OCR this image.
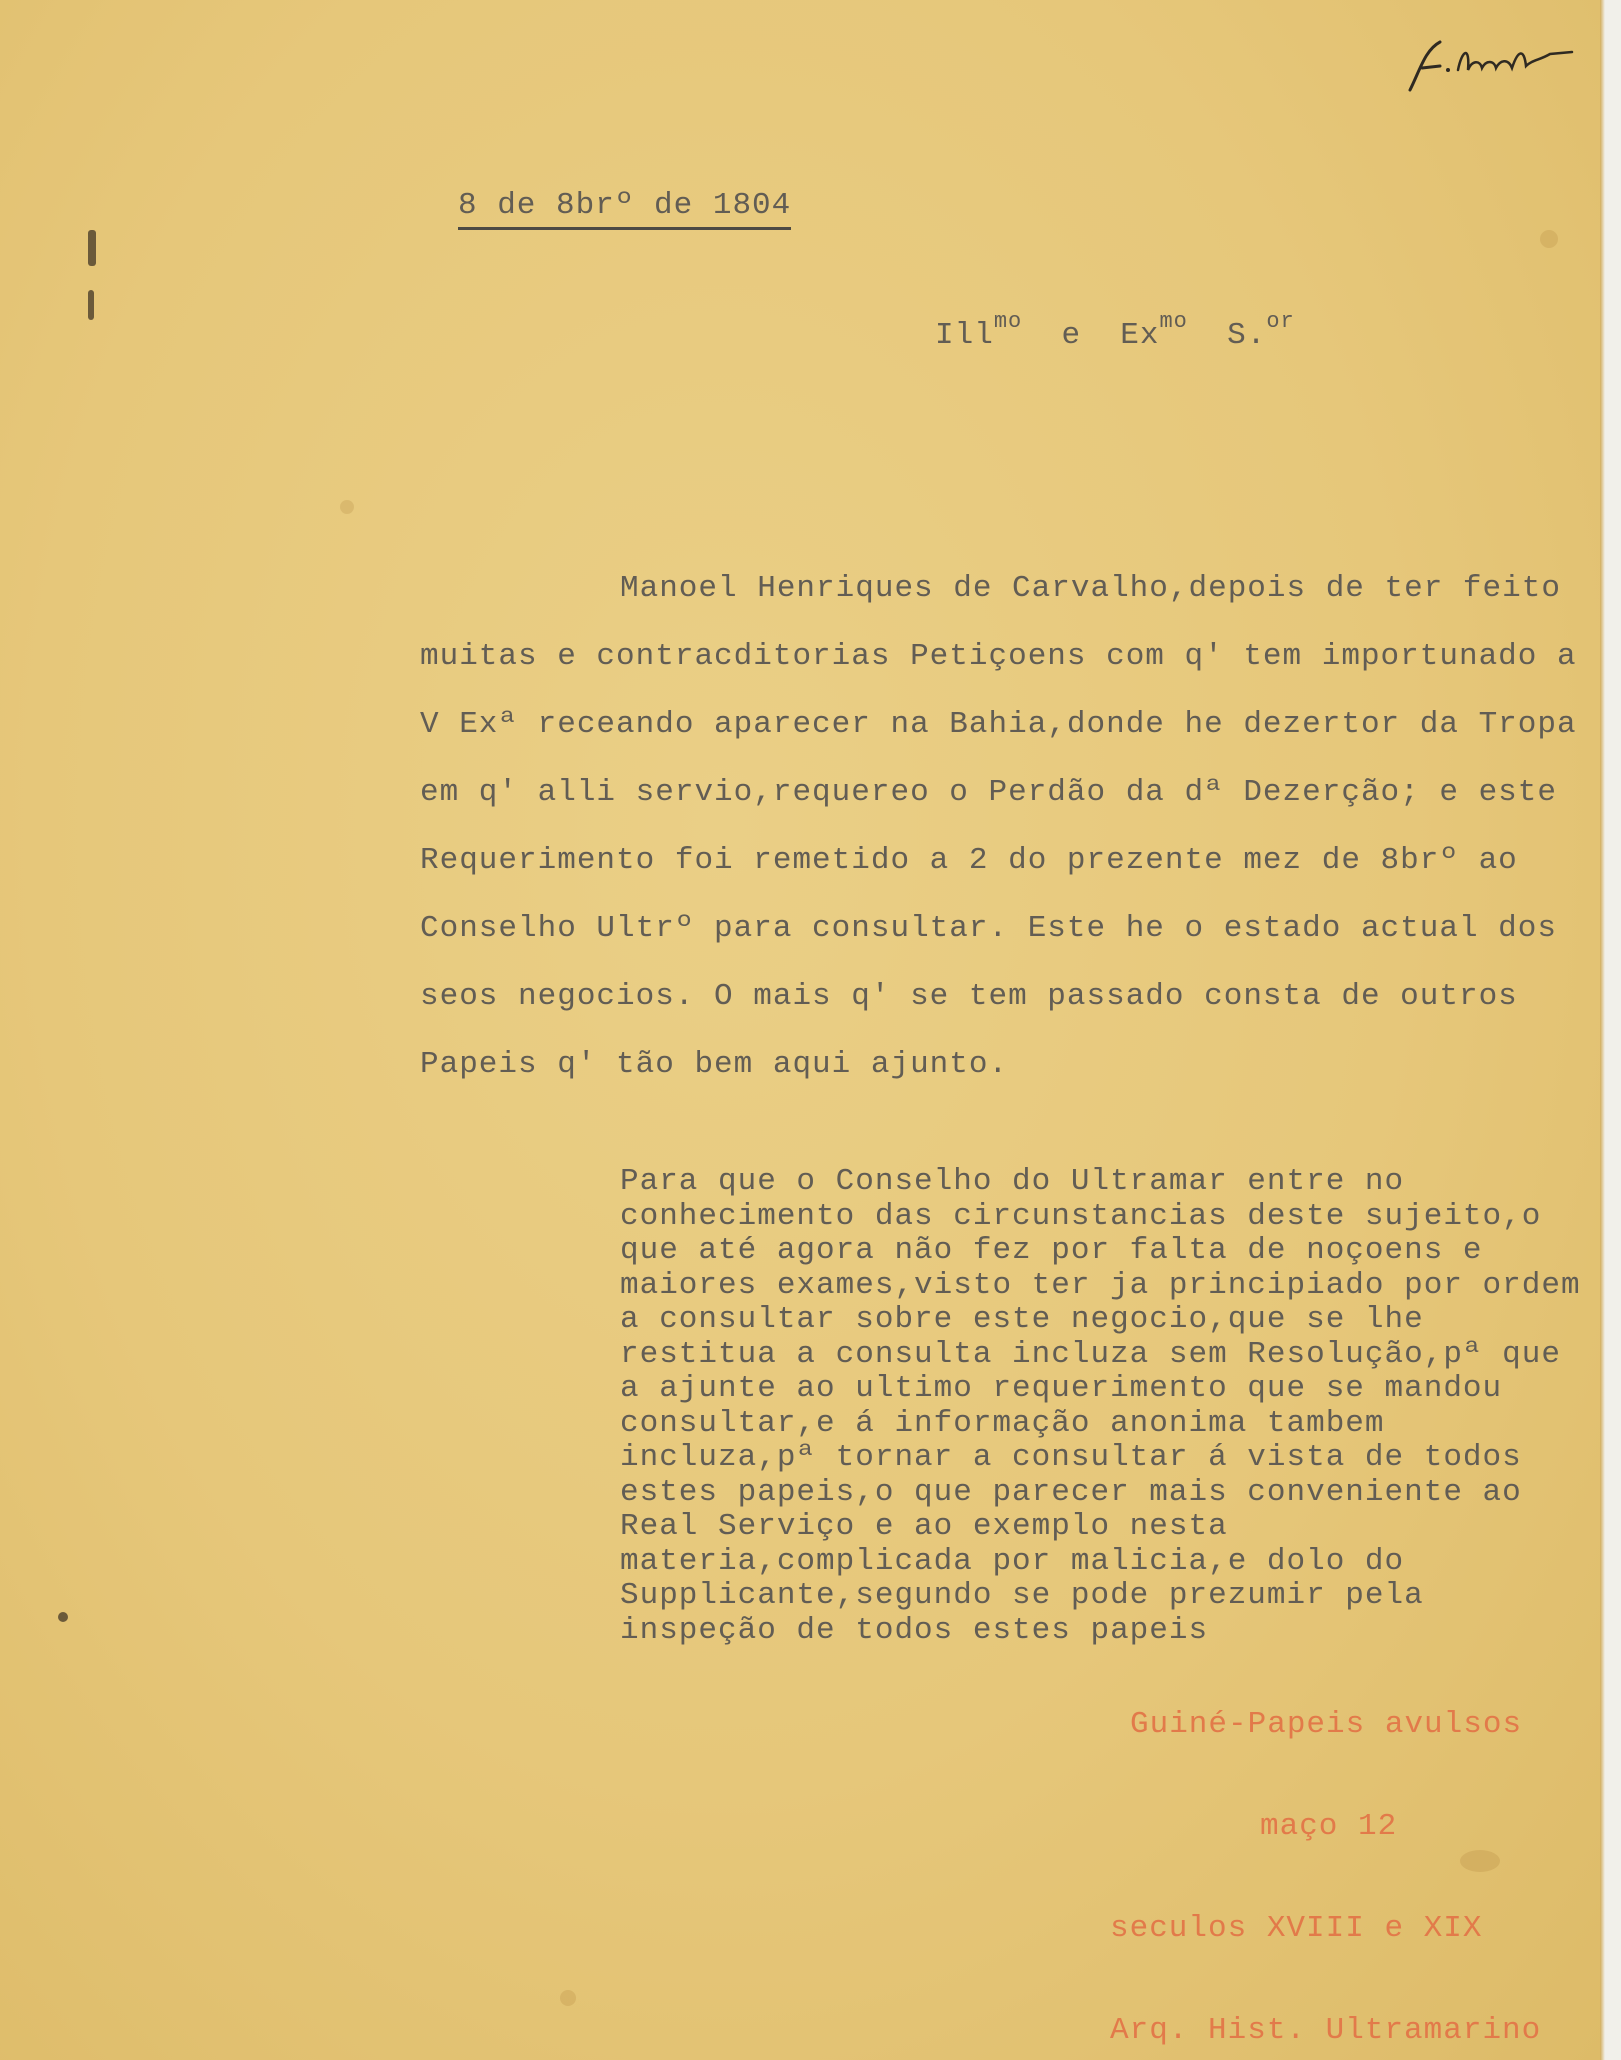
8 de 8brº de 1804

Ill$^{mo}$ e $Ex^{mo}$ S.$^{or}$

Manoel Henriques de Carvalho,depois de ter feito muitas e contracditorias Petiçoens com q' tem importunado a V Exª receando aparecer na Bahia,donde he dezertor da Tropa em q' alli servio,requereo o Perdão da dª Dezerção; e este Requerimento foi remetido a 2 do prezente mez de 8brº ao Conselho Ultrº para consultar. Este he o estado actual dos seos negocios. O mais q' se tem passado consta de outros Papeis q' tão bem aqui ajunto.

Para que o Conselho do Ultramar entre no conhecimento das circunstancias deste sujeito,o que até agora não fez por falta de noçoens e maiores exames,visto ter ja principiado por ordem a consultar sobre este negocio,que se lhe restitua a consulta incluza sem Resolução,pª que a ajunte ao ultimo requerimento que se mandou consultar,e á informação anonima tambem incluza,pª tornar a consultar á vista de todos estes papeis,o que parecer mais conveniente ao Real Serviço e ao exemplo nesta materia,complicada por malicia,e dolo do Supplicante,segundo se pode prezumir pela inspeção de todos estes papeis

Guiné-Papeis avulsos

maço 12

seculos XVIII e XIX

Arq. Hist. Ultramarino
